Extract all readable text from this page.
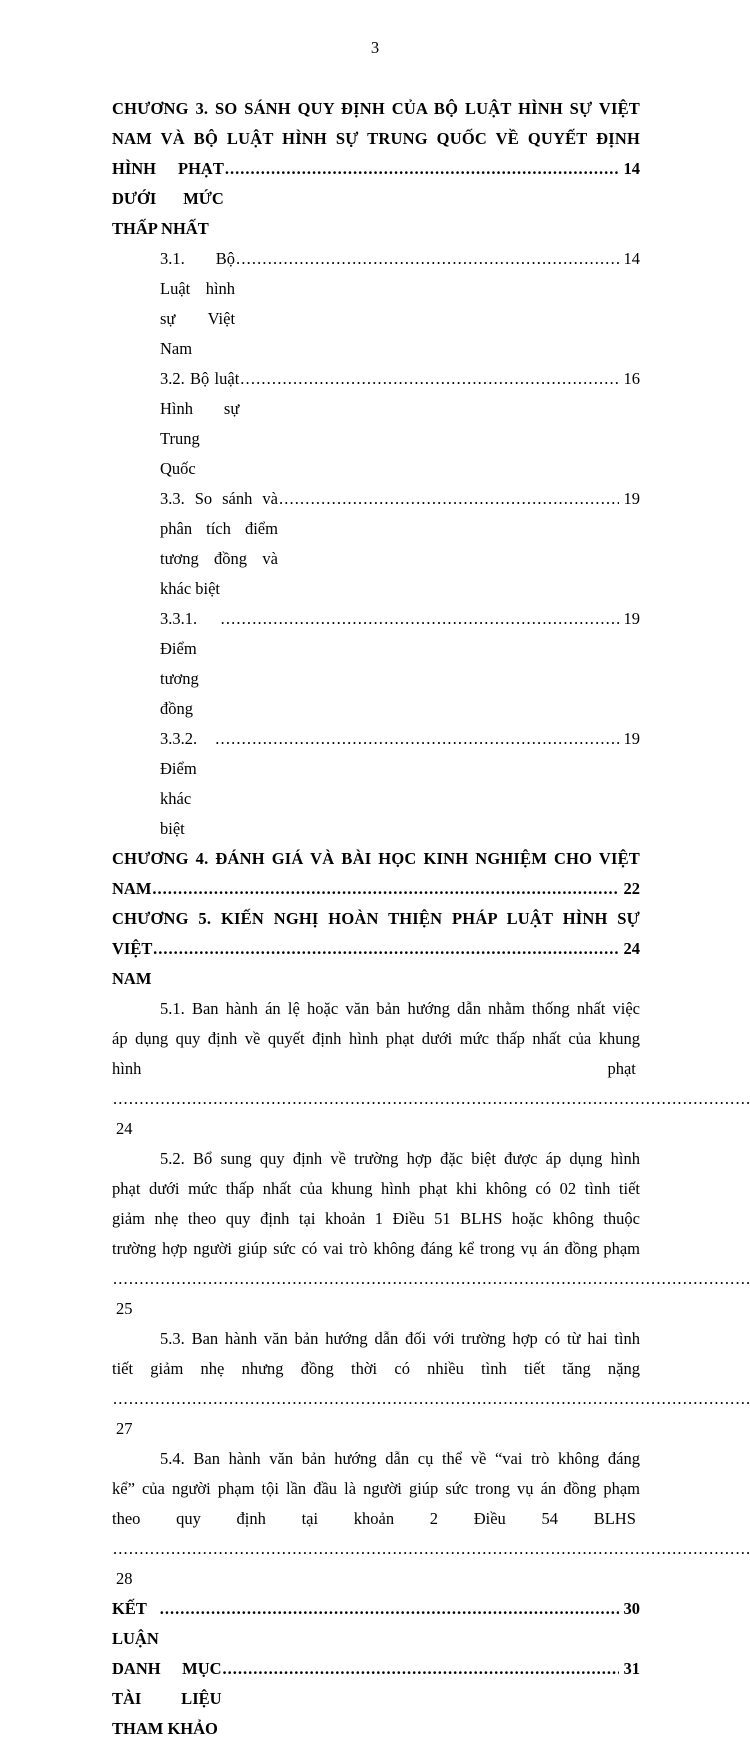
3
CHƯƠNG 3. SO SÁNH QUY ĐỊNH CỦA BỘ LUẬT HÌNH SỰ VIỆT
NAM VÀ BỘ LUẬT HÌNH SỰ TRUNG QUỐC VỀ QUYẾT ĐỊNH
HÌNH PHẠT DƯỚI MỨC THẤP NHẤT
.....
14
3.1. Bộ Luật hình sự Việt Nam
.....
14
3.2. Bộ luật Hình sự Trung Quốc
.....
16
3.3. So sánh và phân tích điểm tương đồng và khác biệt
.....
19
3.3.1. Điểm tương đồng
.....
19
3.3.2. Điểm khác biệt
.....
19
CHƯƠNG 4. ĐÁNH GIÁ VÀ BÀI HỌC KINH NGHIỆM CHO VIỆT
NAM .....	22
CHƯƠNG 5. KIẾN NGHỊ HOÀN THIỆN PHÁP LUẬT HÌNH SỰ
VIỆT NAM
.....
24
5.1. Ban hành án lệ hoặc văn bản hướng dẫn nhằm thống nhất việc
áp dụng quy định về quyết định hình phạt dưới mức thấp nhất của khung
hình phạt  ..... 24
5.2. Bổ sung quy định về trường hợp đặc biệt được áp dụng hình
phạt dưới mức thấp nhất của khung hình phạt khi không có 02 tình tiết
giảm nhẹ theo quy định tại khoản 1 Điều 51 BLHS hoặc không thuộc
trường hợp người giúp sức có vai trò không đáng kể trong vụ án đồng phạm
..... 25
5.3. Ban hành văn bản hướng dẫn đối với trường hợp có từ hai tình
tiết giảm nhẹ nhưng đồng thời có nhiều tình tiết tăng nặng ..... 27
5.4. Ban hành văn bản hướng dẫn cụ thể về “vai trò không đáng
kể” của người phạm tội lần đầu là người giúp sức trong vụ án đồng phạm
theo quy định tại khoản 2 Điều 54 BLHS  ..... 28
KẾT LUẬN
.....
30
DANH MỤC TÀI LIỆU THAM KHẢO
.....
31
